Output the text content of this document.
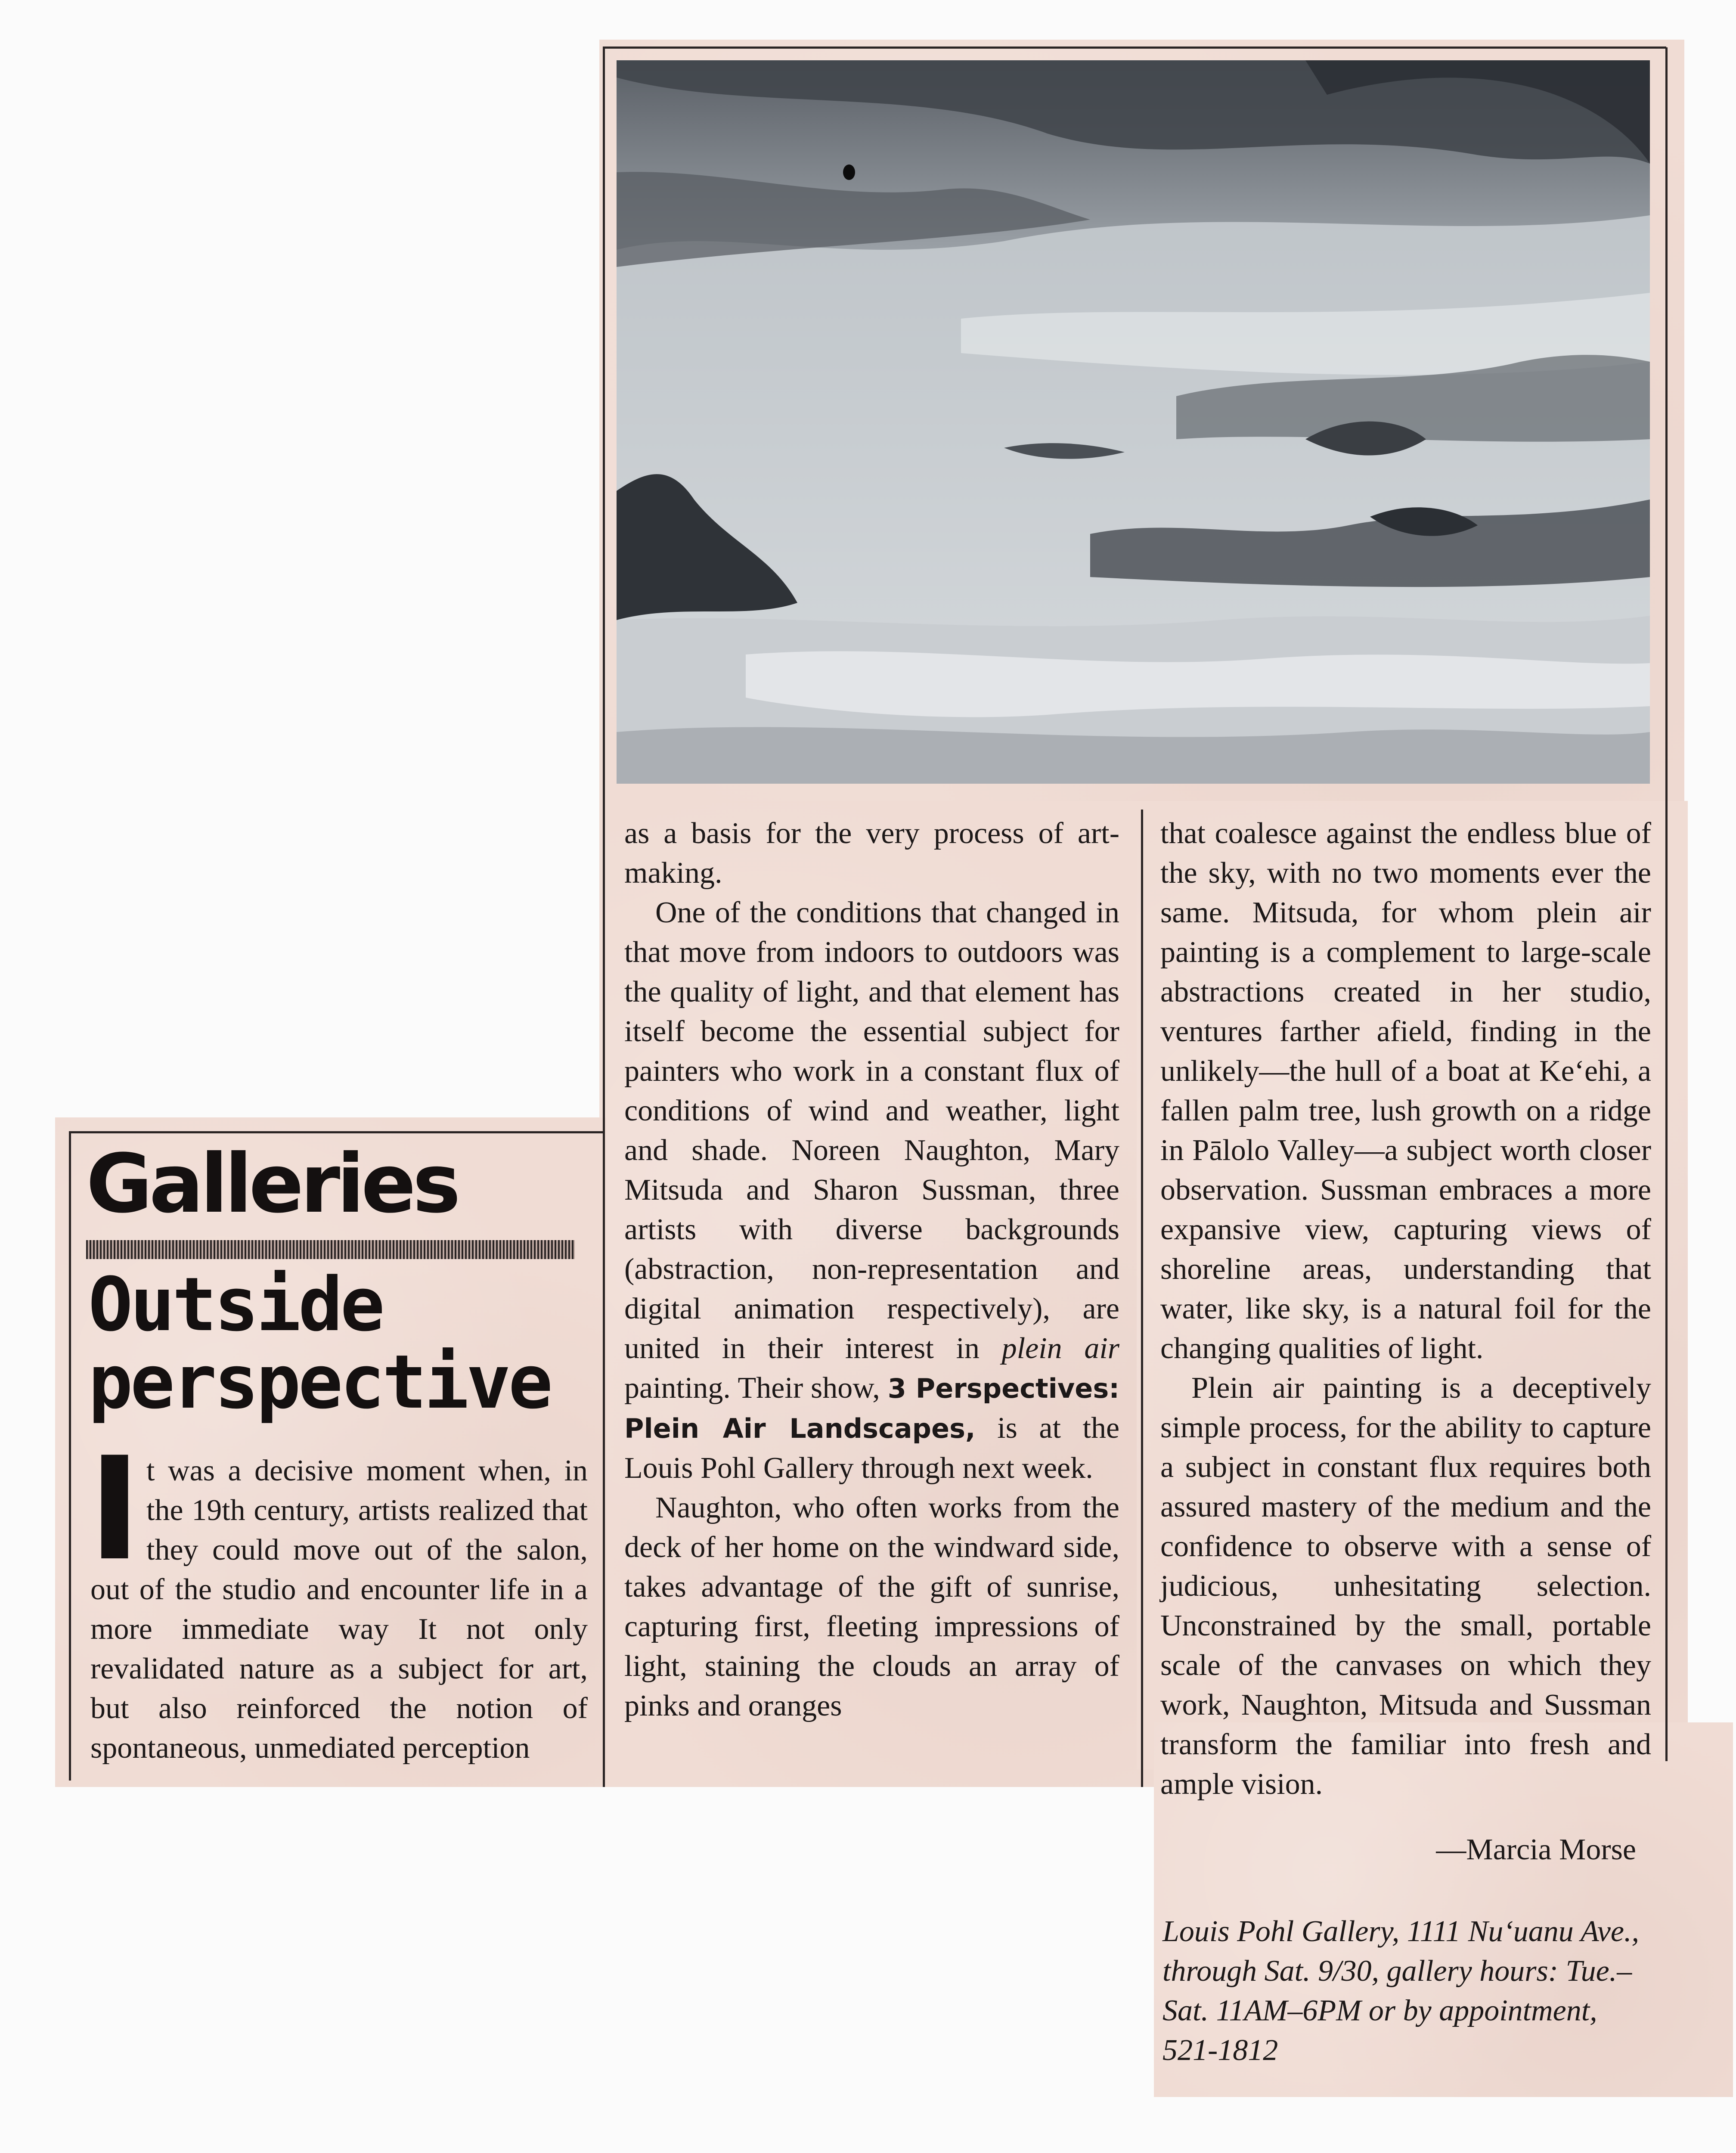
Galleries
Outside
perspective
I t was a decisive moment when, in the 19th century, artists realized that they could move out of the salon, out of the studio and encounter life in a more immediate way It not only revalidated nature as a subject for art, but also reinforced the notion of spontaneous, unmediated perception

as a basis for the very process of art-making.

One of the conditions that changed in that move from indoors to outdoors was the quality of light, and that element has itself become the essential subject for painters who work in a constant flux of conditions of wind and weather, light and shade. Noreen Naughton, Mary Mitsuda and Sharon Sussman, three artists with diverse backgrounds (abstraction, non-representation and digital animation respectively), are united in their interest in plein air painting. Their show, 3 Perspectives: Plein Air Landscapes, is at the Louis Pohl Gallery through next week.

Naughton, who often works from the deck of her home on the windward side, takes advantage of the gift of sunrise, capturing first, fleeting impressions of light, staining the clouds an array of pinks and oranges

that coalesce against the endless blue of the sky, with no two moments ever the same. Mitsuda, for whom plein air painting is a complement to large-scale abstractions created in her studio, ventures farther afield, finding in the unlikely—the hull of a boat at Ke‘ehi, a fallen palm tree, lush growth on a ridge in Pālolo Valley—a subject worth closer observation. Sussman embraces a more expansive view, capturing views of shoreline areas, understanding that water, like sky, is a natural foil for the changing qualities of light.

Plein air painting is a deceptively simple process, for the ability to capture a subject in constant flux requires both assured mastery of the medium and the confidence to observe with a sense of judicious, unhesitating selection. Unconstrained by the small, portable scale of the canvases on which they work, Naughton, Mitsuda and Sussman transform the familiar into fresh and ample vision.

—Marcia Morse

Louis Pohl Gallery, 1111 Nu‘uanu Ave., through Sat. 9/30, gallery hours: Tue.–Sat. 11AM–6PM or by appointment, 521-1812
